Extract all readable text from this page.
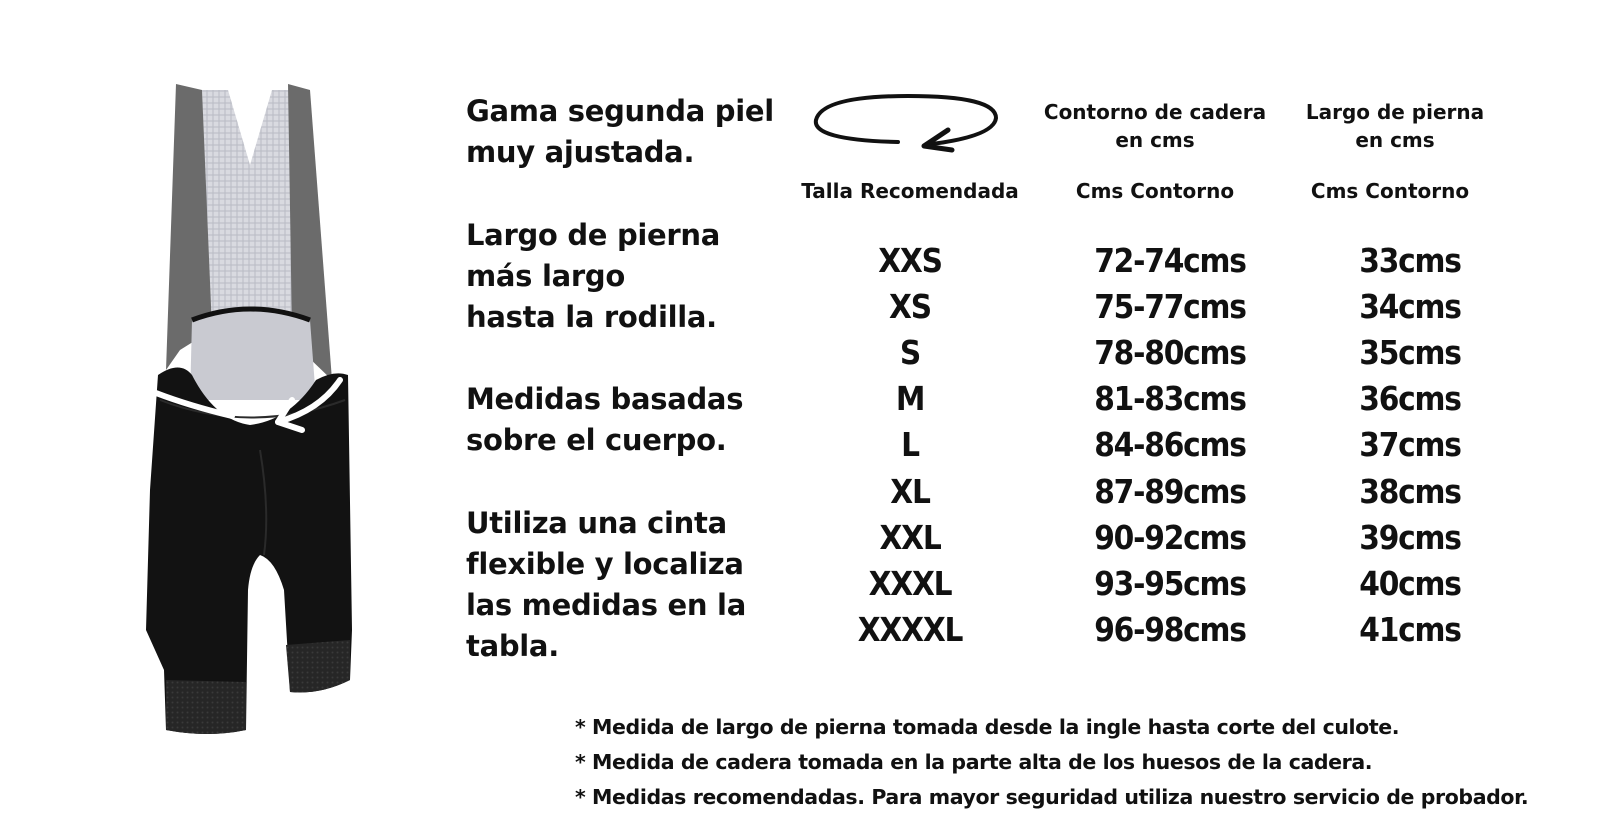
Gama segunda piel
muy ajustada.
Largo de pierna
más largo
hasta la rodilla.
Medidas basadas
sobre el cuerpo.
Utiliza una cinta
flexible y localiza
las medidas en la
tabla.
Contorno de cadera
en cms
Largo de pierna
en cms
Talla Recomendada	Cms Contorno	Cms Contorno
XXS	72-74cms	33cms
XS	75-77cms	34cms
S	78-80cms	35cms
M	81-83cms	36cms
L	84-86cms	37cms
XL	87-89cms	38cms
XXL	90-92cms	39cms
XXXL	93-95cms	40cms
XXXXL	96-98cms	41cms
* Medida de largo de pierna tomada desde la ingle hasta corte del culote.
* Medida de cadera tomada en la parte alta de los huesos de la cadera.
* Medidas recomendadas. Para mayor seguridad utiliza nuestro servicio de probador.
